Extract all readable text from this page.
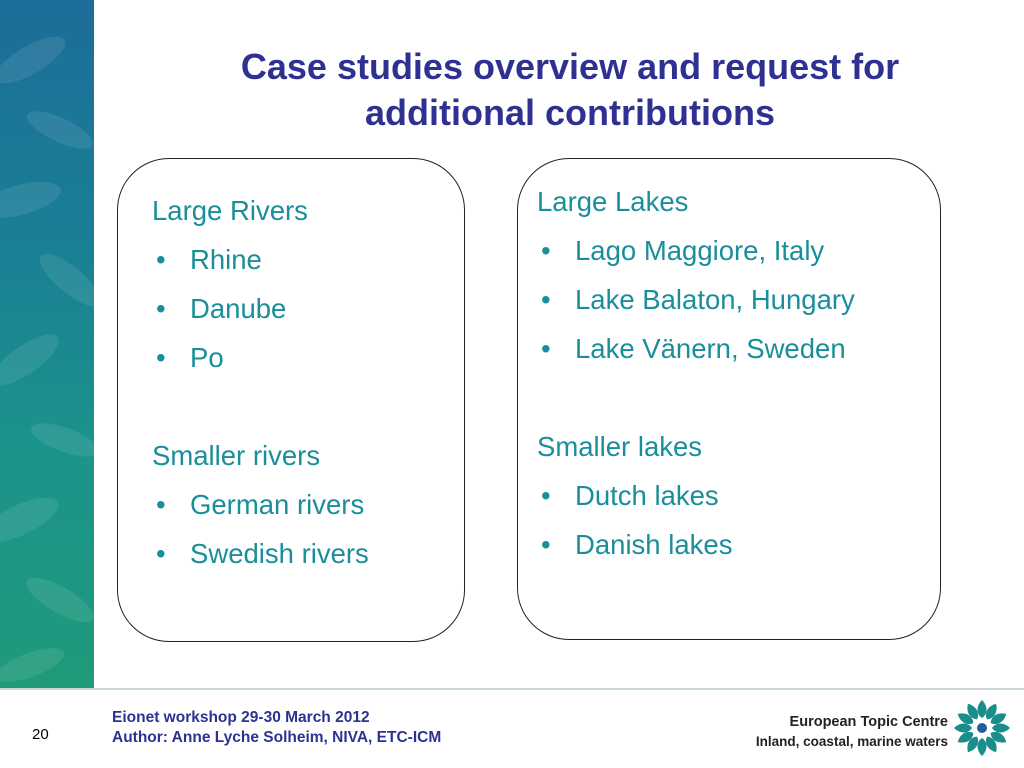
Case studies overview and request for
additional contributions
Large Rivers
• Rhine
• Danube
• Po
Smaller rivers
• German rivers
• Swedish rivers
Large Lakes
• Lago Maggiore, Italy
• Lake Balaton, Hungary
• Lake Vänern, Sweden
Smaller lakes
• Dutch lakes
• Danish lakes
20
Eionet workshop 29-30 March 2012
Author: Anne Lyche Solheim, NIVA, ETC-ICM
European Topic Centre
Inland, coastal, marine waters
